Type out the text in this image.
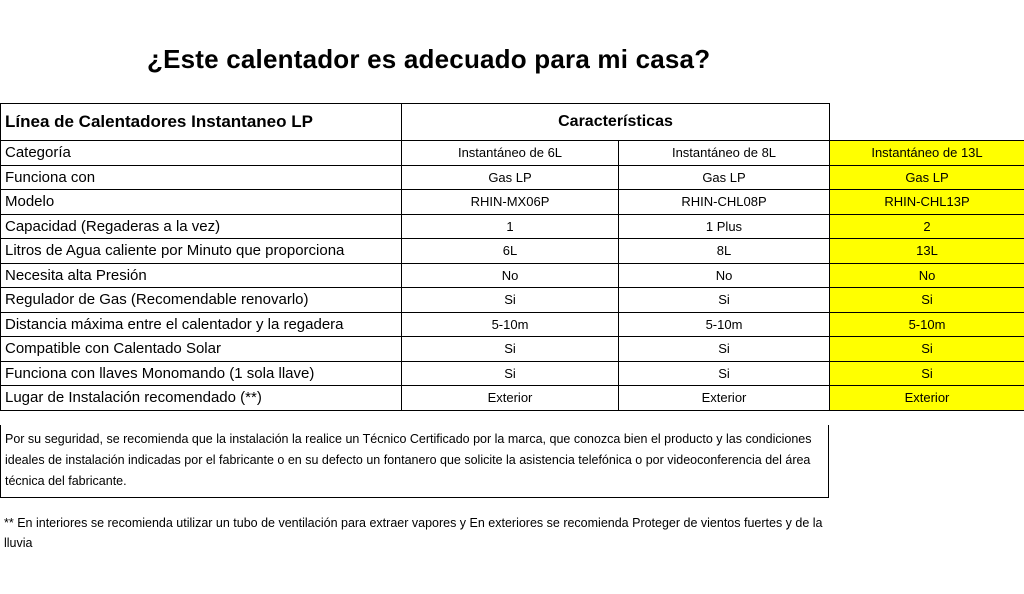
¿Este calentador es adecuado para mi casa?
Línea de Calentadores Instantaneo LP	Características		
Categoría	Instantáneo de 6L	Instantáneo de 8L	Instantáneo de 13L
Funciona con	Gas LP	Gas LP	Gas LP
Modelo	RHIN-MX06P	RHIN-CHL08P	RHIN-CHL13P
Capacidad (Regaderas a la vez)	1	1 Plus	2
Litros de Agua caliente por Minuto que proporciona	6L	8L	13L
Necesita alta Presión	No	No	No
Regulador de Gas (Recomendable renovarlo)	Si	Si	Si
Distancia máxima entre el calentador y la regadera	5-10m	5-10m	5-10m
Compatible con Calentado Solar	Si	Si	Si
Funciona con llaves Monomando (1 sola llave)	Si	Si	Si
Lugar de Instalación recomendado (**)	Exterior	Exterior	Exterior
Por su seguridad, se recomienda que la instalación la realice un Técnico Certificado por la marca, que conozca bien el producto y las condiciones ideales de instalación indicadas por el fabricante o en su defecto un fontanero que solicite la asistencia telefónica o por videoconferencia del área técnica del fabricante.
** En interiores se recomienda utilizar un tubo de ventilación para extraer vapores y En exteriores se recomienda Proteger de vientos fuertes y de la lluvia
